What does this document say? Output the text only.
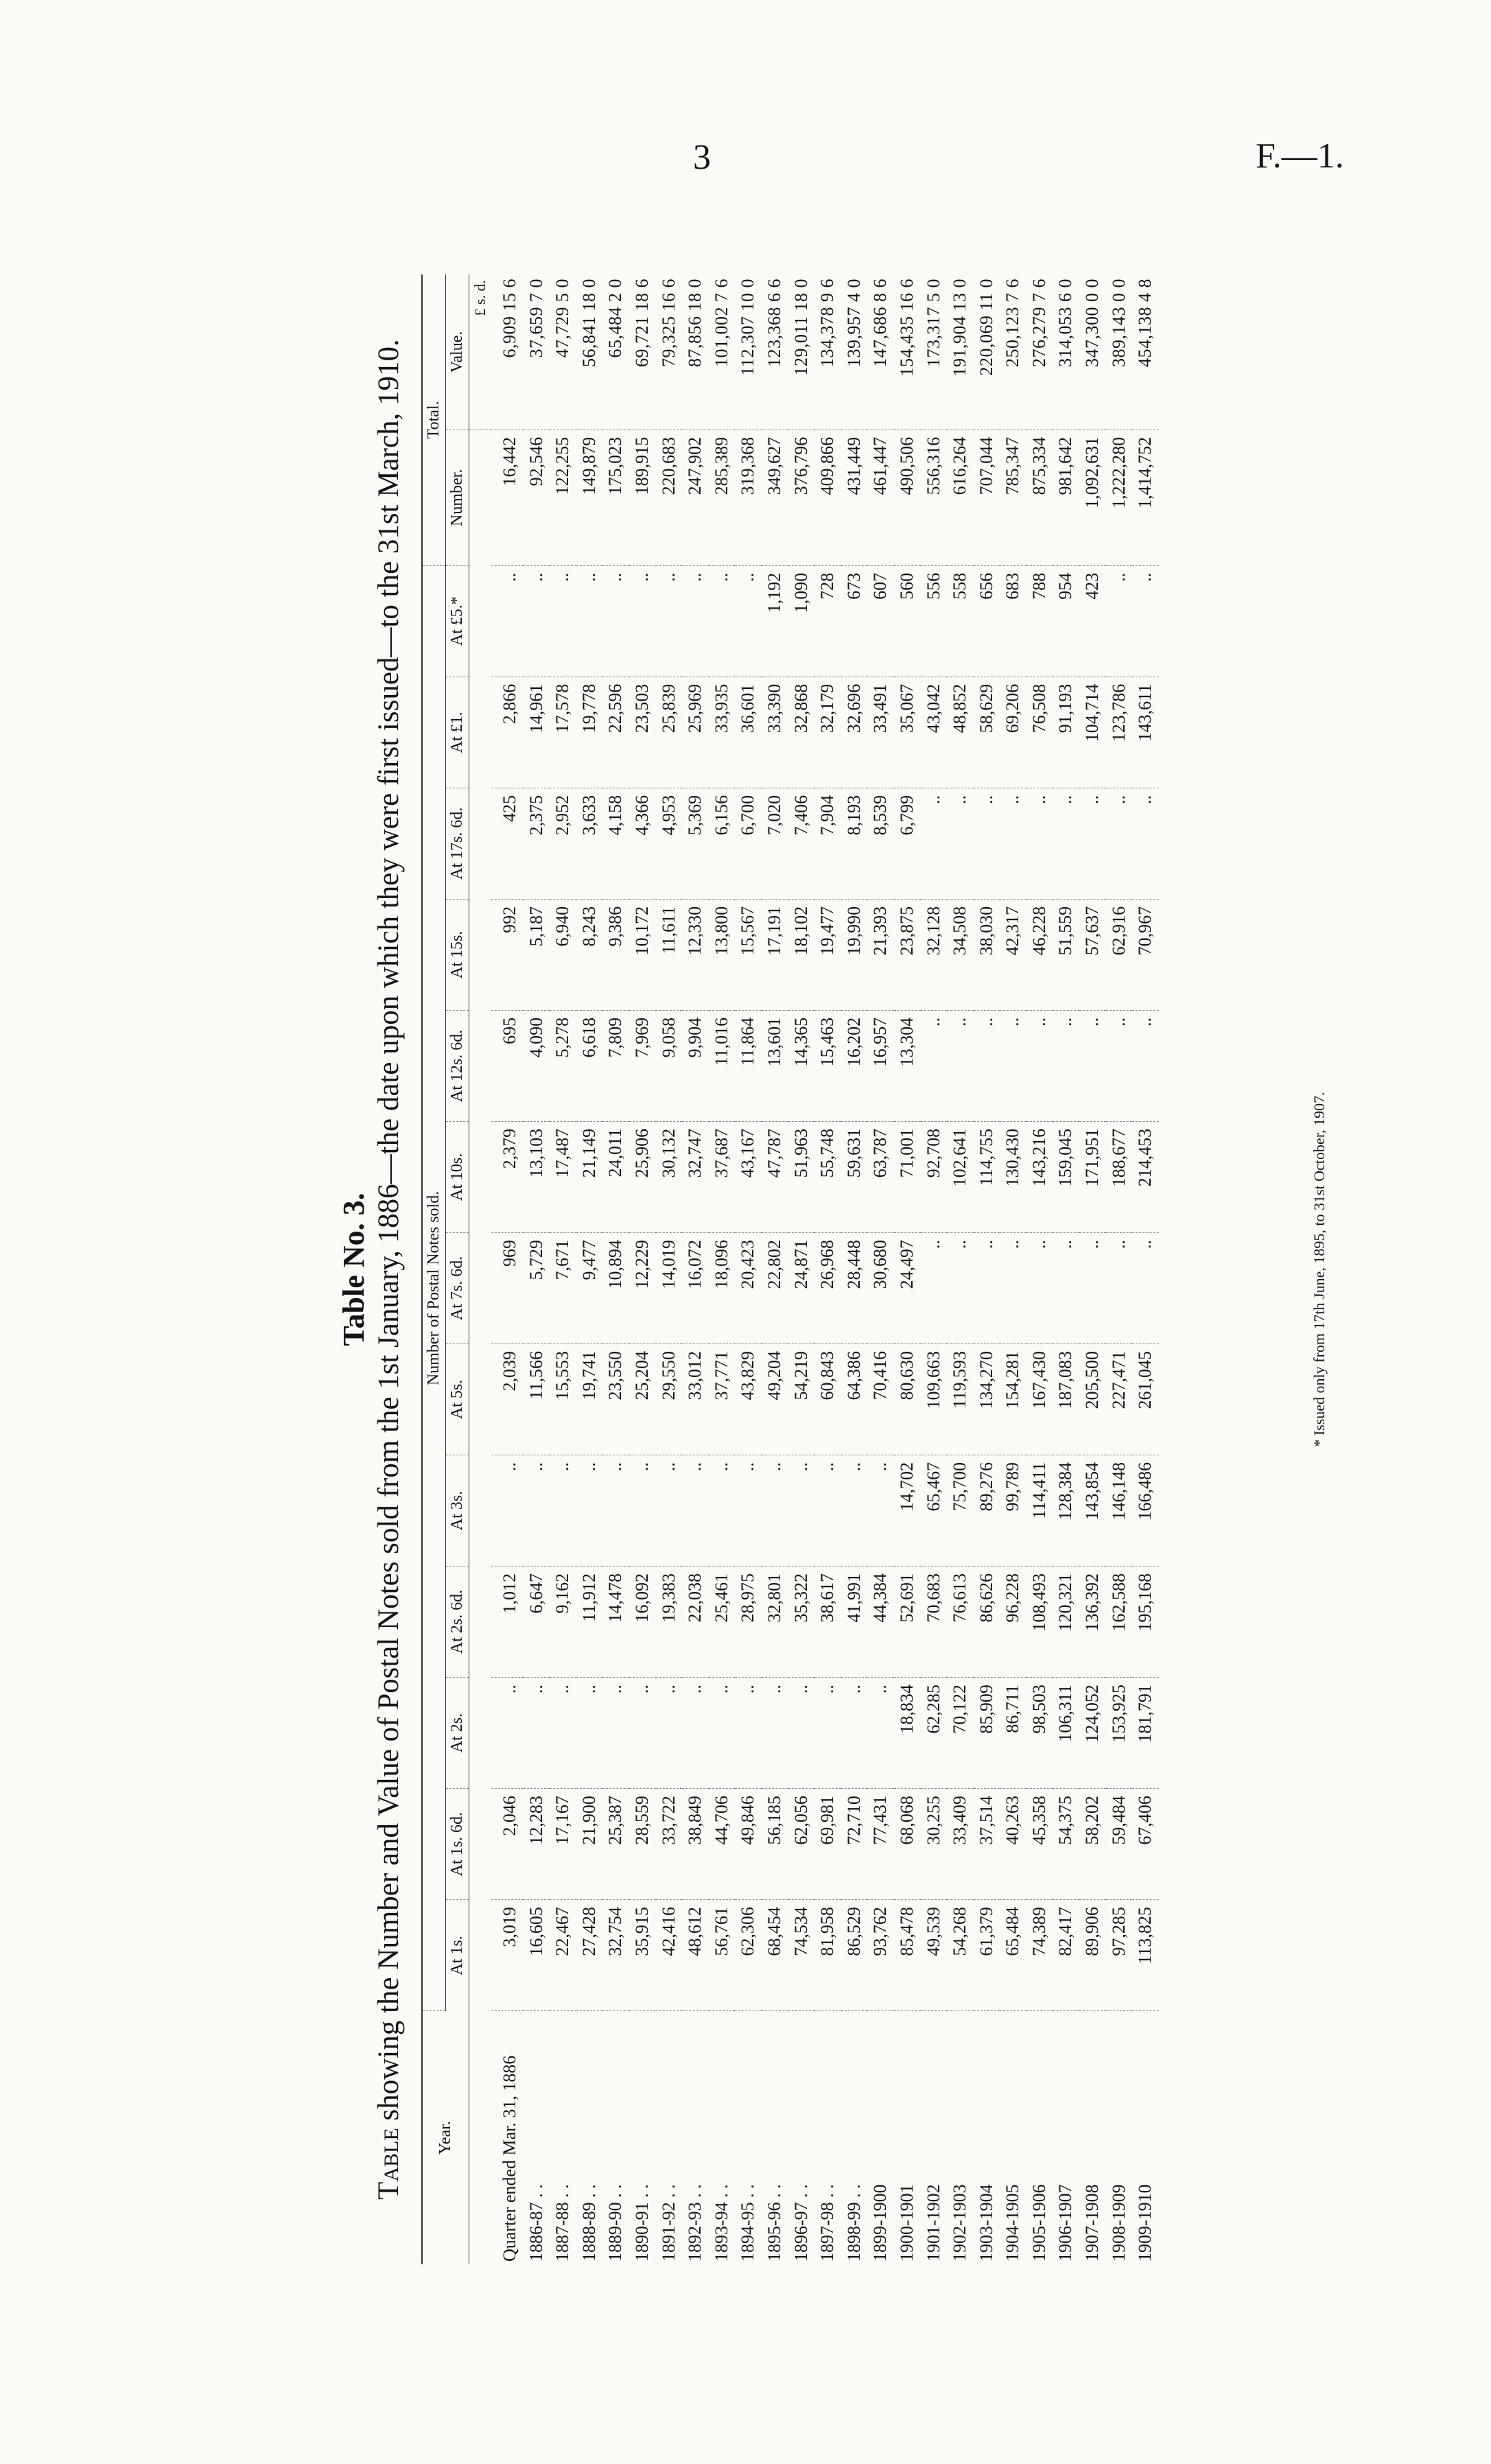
3	F.—1.
Table No. 3.
Table showing the Number and Value of Postal Notes sold from the 1st January, 1886—the date upon which they were first issued—to the 31st March, 1910.
Year.	Number of Postal Notes sold.													Total.	
	At 1s.	At 1s. 6d.	At 2s.	At 2s. 6d.	At 3s.	At 5s.	At 7s. 6d.	At 10s.	At 12s. 6d.	At 15s.	At 17s. 6d.	At £1.	At £5.*	Number.	Value.
															£ s. d.
Quarter ended Mar. 31, 1886	3,019	2,046	..	1,012	..	2,039	969	2,379	695	992	425	2,866	..	16,442	6,909 15 6
1886-87 . .	16,605	12,283	..	6,647	..	11,566	5,729	13,103	4,090	5,187	2,375	14,961	..	92,546	37,659 7 0
1887-88 . .	22,467	17,167	..	9,162	..	15,553	7,671	17,487	5,278	6,940	2,952	17,578	..	122,255	47,729 5 0
1888-89 . .	27,428	21,900	..	11,912	..	19,741	9,477	21,149	6,618	8,243	3,633	19,778	..	149,879	56,841 18 0
1889-90 . .	32,754	25,387	..	14,478	..	23,550	10,894	24,011	7,809	9,386	4,158	22,596	..	175,023	65,484 2 0
1890-91 . .	35,915	28,559	..	16,092	..	25,204	12,229	25,906	7,969	10,172	4,366	23,503	..	189,915	69,721 18 6
1891-92 . .	42,416	33,722	..	19,383	..	29,550	14,019	30,132	9,058	11,611	4,953	25,839	..	220,683	79,325 16 6
1892-93 . .	48,612	38,849	..	22,038	..	33,012	16,072	32,747	9,904	12,330	5,369	25,969	..	247,902	87,856 18 0
1893-94 . .	56,761	44,706	..	25,461	..	37,771	18,096	37,687	11,016	13,800	6,156	33,935	..	285,389	101,002 7 6
1894-95 . .	62,306	49,846	..	28,975	..	43,829	20,423	43,167	11,864	15,567	6,700	36,601	..	319,368	112,307 10 0
1895-96 . .	68,454	56,185	..	32,801	..	49,204	22,802	47,787	13,601	17,191	7,020	33,390	1,192	349,627	123,368 6 6
1896-97 . .	74,534	62,056	..	35,322	..	54,219	24,871	51,963	14,365	18,102	7,406	32,868	1,090	376,796	129,011 18 0
1897-98 . .	81,958	69,981	..	38,617	..	60,843	26,968	55,748	15,463	19,477	7,904	32,179	728	409,866	134,378 9 6
1898-99 . .	86,529	72,710	..	41,991	..	64,386	28,448	59,631	16,202	19,990	8,193	32,696	673	431,449	139,957 4 0
1899-1900	93,762	77,431	..	44,384	..	70,416	30,680	63,787	16,957	21,393	8,539	33,491	607	461,447	147,686 8 6
1900-1901	85,478	68,068	18,834	52,691	14,702	80,630	24,497	71,001	13,304	23,875	6,799	35,067	560	490,506	154,435 16 6
1901-1902	49,539	30,255	62,285	70,683	65,467	109,663	..	92,708	..	32,128	..	43,042	556	556,316	173,317 5 0
1902-1903	54,268	33,409	70,122	76,613	75,700	119,593	..	102,641	..	34,508	..	48,852	558	616,264	191,904 13 0
1903-1904	61,379	37,514	85,909	86,626	89,276	134,270	..	114,755	..	38,030	..	58,629	656	707,044	220,069 11 0
1904-1905	65,484	40,263	86,711	96,228	99,789	154,281	..	130,430	..	42,317	..	69,206	683	785,347	250,123 7 6
1905-1906	74,389	45,358	98,503	108,493	114,411	167,430	..	143,216	..	46,228	..	76,508	788	875,334	276,279 7 6
1906-1907	82,417	54,375	106,311	120,321	128,384	187,083	..	159,045	..	51,559	..	91,193	954	981,642	314,053 6 0
1907-1908	89,906	58,202	124,052	136,392	143,854	205,500	..	171,951	..	57,637	..	104,714	423	1,092,631	347,300 0 0
1908-1909	97,285	59,484	153,925	162,588	146,148	227,471	..	188,677	..	62,916	..	123,786	..	1,222,280	389,143 0 0
1909-1910	113,825	67,406	181,791	195,168	166,486	261,045	..	214,453	..	70,967	..	143,611	..	1,414,752	454,138 4 8
* Issued only from 17th June, 1895, to 31st October, 1907.
